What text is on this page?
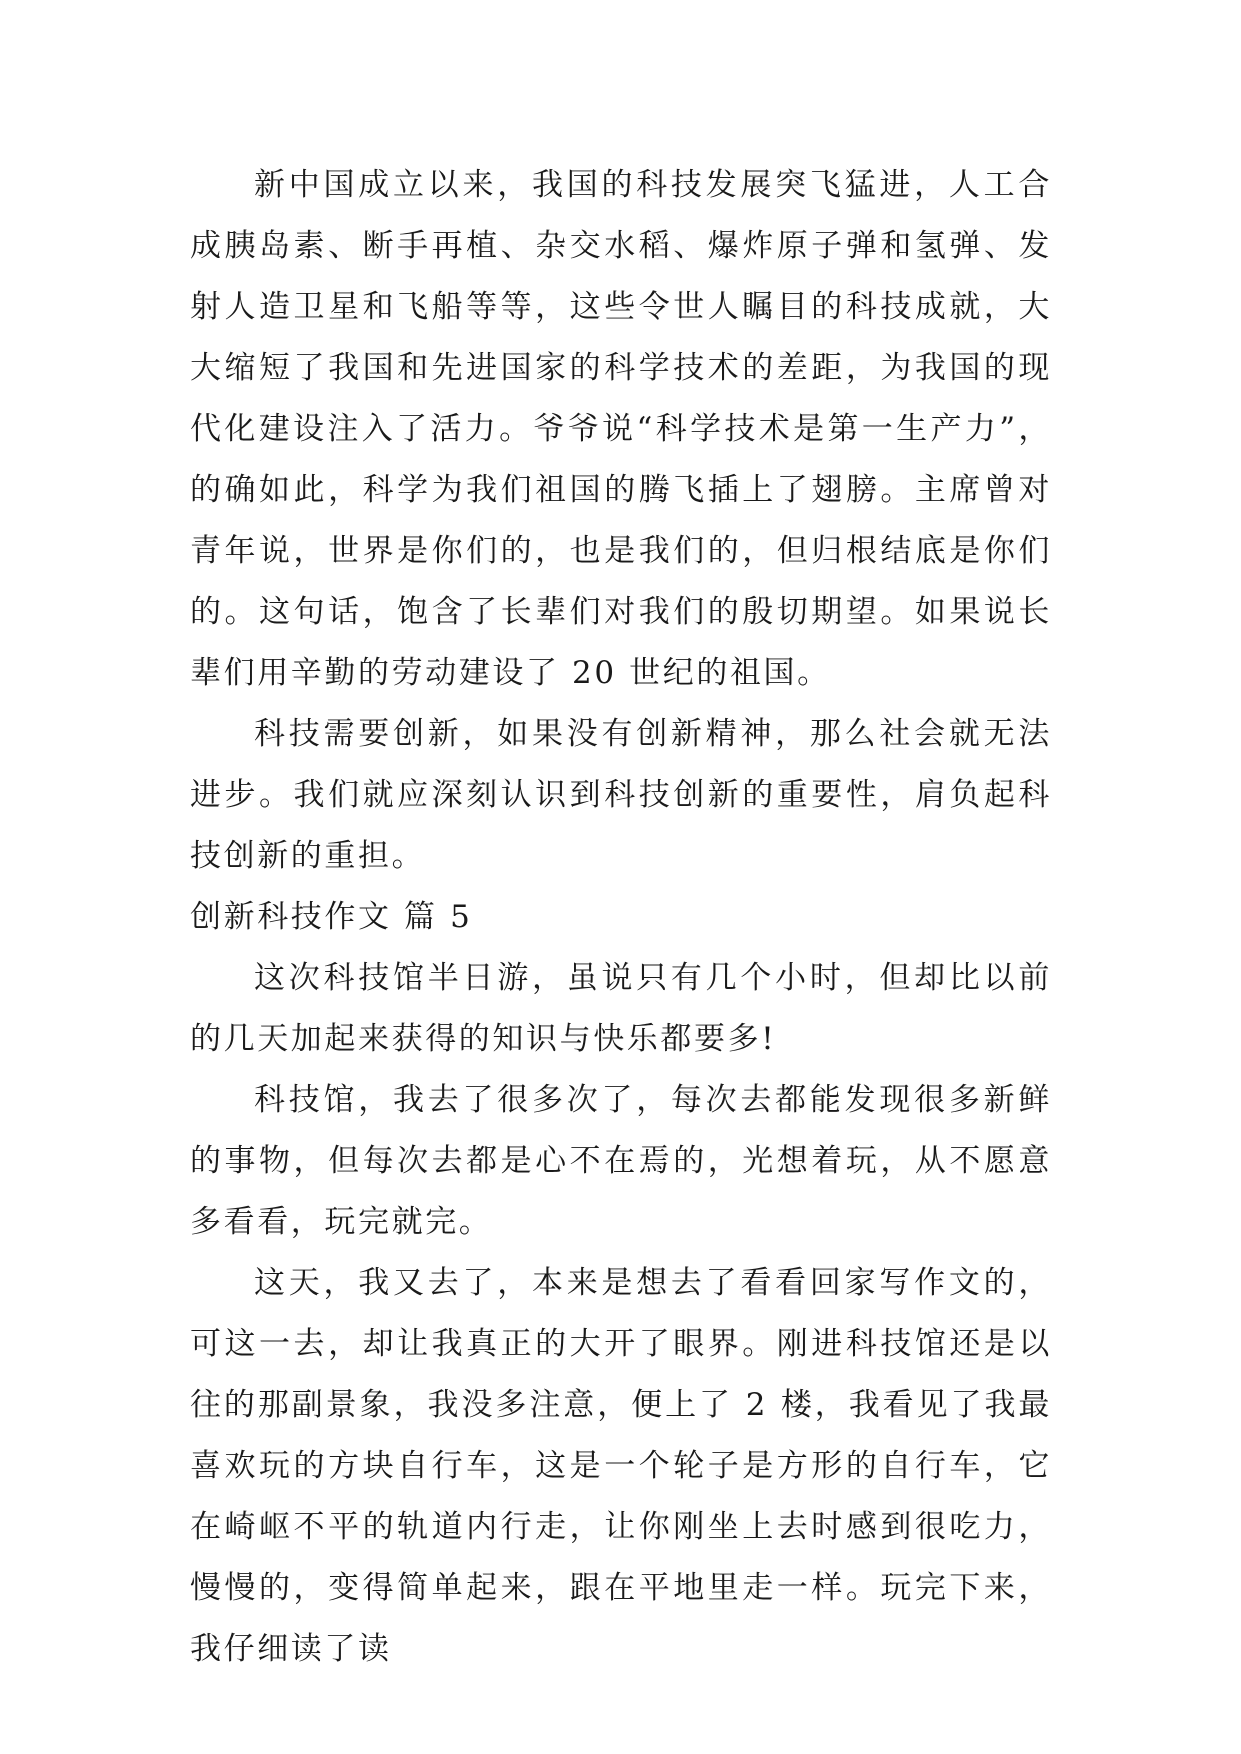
新中国成立以来，我国的科技发展突飞猛进，人工合成胰岛素、断手再植、杂交水稻、爆炸原子弹和氢弹、发射人造卫星和飞船等等，这些令世人瞩目的科技成就，大大缩短了我国和先进国家的科学技术的差距，为我国的现代化建设注入了活力。爷爷说“科学技术是第一生产力”，的确如此，科学为我们祖国的腾飞插上了翅膀。主席曾对青年说，世界是你们的，也是我们的，但归根结底是你们的。这句话，饱含了长辈们对我们的殷切期望。如果说长辈们用辛勤的劳动建设了 20 世纪的祖国。

科技需要创新，如果没有创新精神，那么社会就无法进步。我们就应深刻认识到科技创新的重要性，肩负起科技创新的重担。

创新科技作文 篇 5

这次科技馆半日游，虽说只有几个小时，但却比以前的几天加起来获得的知识与快乐都要多!

科技馆，我去了很多次了，每次去都能发现很多新鲜的事物，但每次去都是心不在焉的，光想着玩，从不愿意多看看，玩完就完。

这天，我又去了，本来是想去了看看回家写作文的，可这一去，却让我真正的大开了眼界。刚进科技馆还是以往的那副景象，我没多注意，便上了 2 楼，我看见了我最喜欢玩的方块自行车，这是一个轮子是方形的自行车，它在崎岖不平的轨道内行走，让你刚坐上去时感到很吃力，慢慢的，变得简单起来，跟在平地里走一样。玩完下来，我仔细读了读
